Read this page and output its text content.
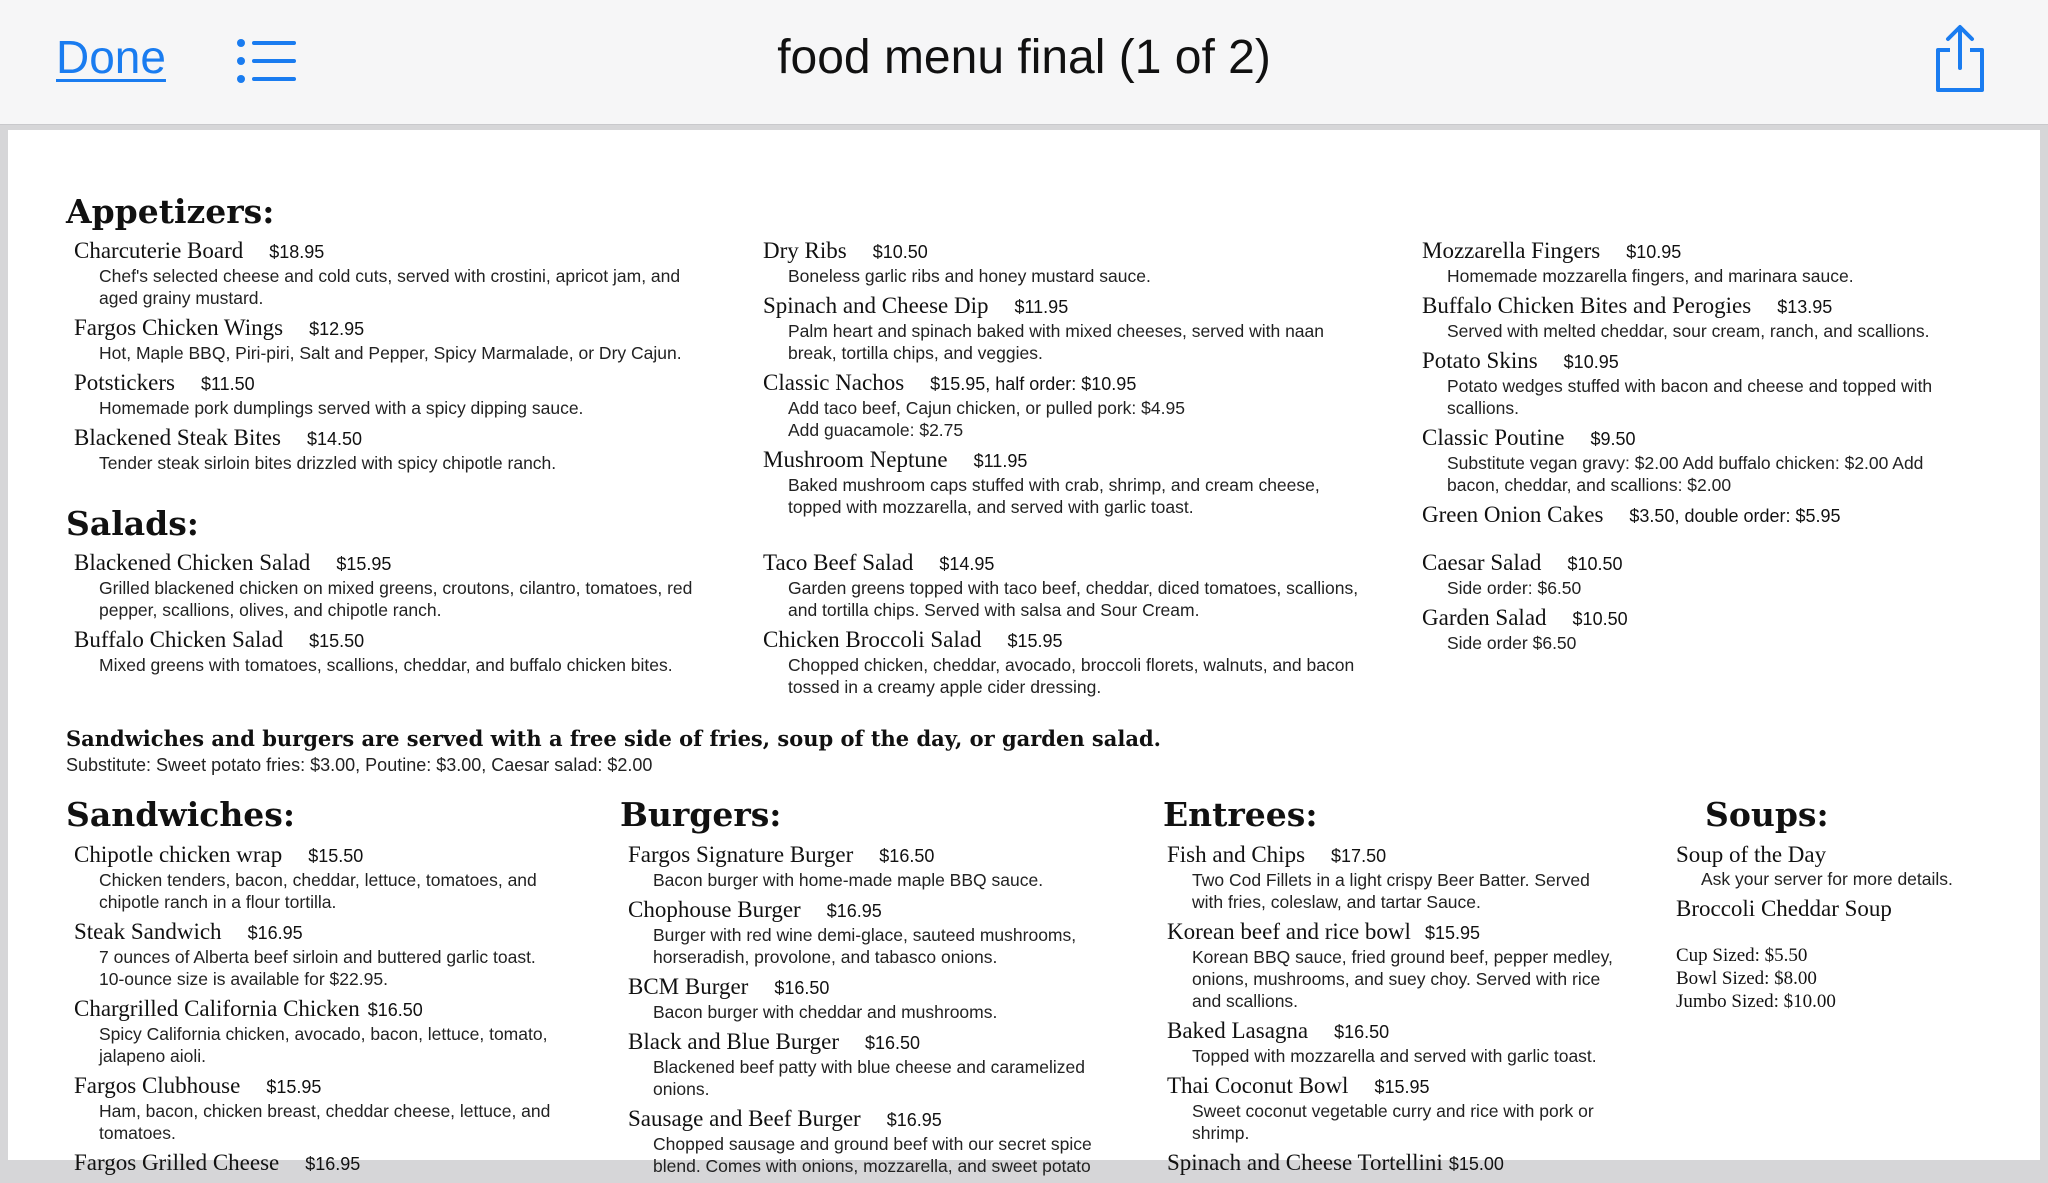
Done	food menu final (1 of 2)
Appetizers:
Charcuterie Board $18.95
Chef's selected cheese and cold cuts, served with crostini, apricot jam, and
aged grainy mustard.
Fargos Chicken Wings $12.95
Hot, Maple BBQ, Piri-piri, Salt and Pepper, Spicy Marmalade, or Dry Cajun.
Potstickers $11.50
Homemade pork dumplings served with a spicy dipping sauce.
Blackened Steak Bites $14.50
Tender steak sirloin bites drizzled with spicy chipotle ranch.
Dry Ribs $10.50
Boneless garlic ribs and honey mustard sauce.
Spinach and Cheese Dip $11.95
Palm heart and spinach baked with mixed cheeses, served with naan
break, tortilla chips, and veggies.
Classic Nachos $15.95, half order: $10.95
Add taco beef, Cajun chicken, or pulled pork: $4.95
Add guacamole: $2.75
Mushroom Neptune $11.95
Baked mushroom caps stuffed with crab, shrimp, and cream cheese,
topped with mozzarella, and served with garlic toast.
Mozzarella Fingers $10.95
Homemade mozzarella fingers, and marinara sauce.
Buffalo Chicken Bites and Perogies $13.95
Served with melted cheddar, sour cream, ranch, and scallions.
Potato Skins $10.95
Potato wedges stuffed with bacon and cheese and topped with
scallions.
Classic Poutine $9.50
Substitute vegan gravy: $2.00 Add buffalo chicken: $2.00 Add
bacon, cheddar, and scallions: $2.00
Green Onion Cakes $3.50, double order: $5.95
Salads:
Blackened Chicken Salad $15.95
Grilled blackened chicken on mixed greens, croutons, cilantro, tomatoes, red
pepper, scallions, olives, and chipotle ranch.
Buffalo Chicken Salad $15.50
Mixed greens with tomatoes, scallions, cheddar, and buffalo chicken bites.
Taco Beef Salad $14.95
Garden greens topped with taco beef, cheddar, diced tomatoes, scallions,
and tortilla chips. Served with salsa and Sour Cream.
Chicken Broccoli Salad $15.95
Chopped chicken, cheddar, avocado, broccoli florets, walnuts, and bacon
tossed in a creamy apple cider dressing.
Caesar Salad $10.50
Side order: $6.50
Garden Salad $10.50
Side order $6.50
Sandwiches and burgers are served with a free side of fries, soup of the day, or garden salad.
Substitute: Sweet potato fries: $3.00, Poutine: $3.00, Caesar salad: $2.00
Sandwiches:
Chipotle chicken wrap $15.50
Chicken tenders, bacon, cheddar, lettuce, tomatoes, and
chipotle ranch in a flour tortilla.
Steak Sandwich $16.95
7 ounces of Alberta beef sirloin and buttered garlic toast.
10-ounce size is available for $22.95.
Chargrilled California Chicken $16.50
Spicy California chicken, avocado, bacon, lettuce, tomato,
jalapeno aioli.
Fargos Clubhouse $15.95
Ham, bacon, chicken breast, cheddar cheese, lettuce, and
tomatoes.
Fargos Grilled Cheese $16.95
Burgers:
Fargos Signature Burger $16.50
Bacon burger with home-made maple BBQ sauce.
Chophouse Burger $16.95
Burger with red wine demi-glace, sauteed mushrooms,
horseradish, provolone, and tabasco onions.
BCM Burger $16.50
Bacon burger with cheddar and mushrooms.
Black and Blue Burger $16.50
Blackened beef patty with blue cheese and caramelized
onions.
Sausage and Beef Burger $16.95
Chopped sausage and ground beef with our secret spice
blend. Comes with onions, mozzarella, and sweet potato
Entrees:
Fish and Chips $17.50
Two Cod Fillets in a light crispy Beer Batter. Served
with fries, coleslaw, and tartar Sauce.
Korean beef and rice bowl $15.95
Korean BBQ sauce, fried ground beef, pepper medley,
onions, mushrooms, and suey choy. Served with rice
and scallions.
Baked Lasagna $16.50
Topped with mozzarella and served with garlic toast.
Thai Coconut Bowl $15.95
Sweet coconut vegetable curry and rice with pork or
shrimp.
Spinach and Cheese Tortellini $15.00
Soups:
Soup of the Day
Ask your server for more details.
Broccoli Cheddar Soup
Cup Sized: $5.50
Bowl Sized: $8.00
Jumbo Sized: $10.00
